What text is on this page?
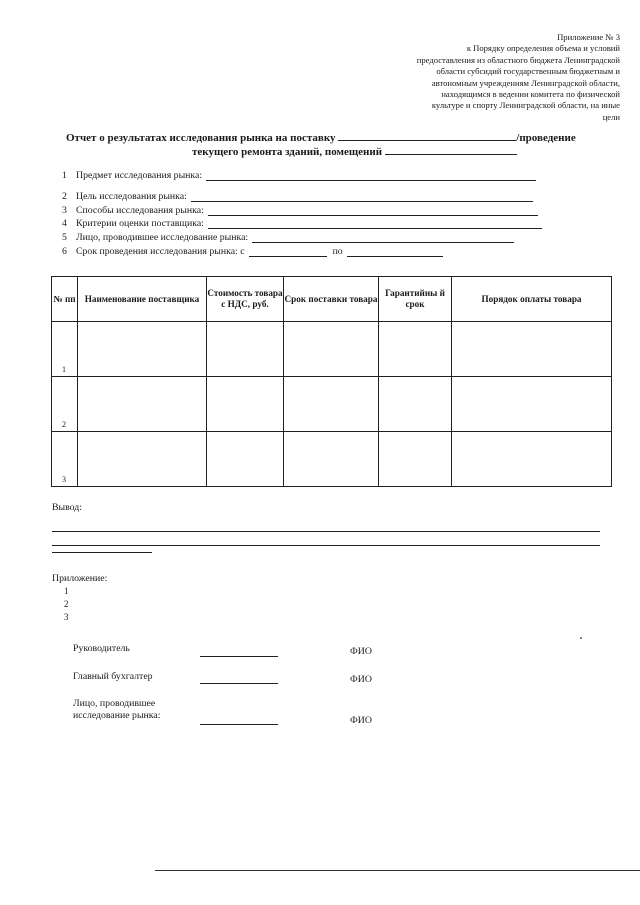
Приложение № 3
к Порядку определения объема и условий
предоставления из областного бюджета Ленинградской
области субсидий государственным бюджетным и
автономным учреждениям Ленинградской области,
находящимся в ведении комитета по физической
культуре и спорту Ленинградской области, на иные
цели
Отчет о результатах исследования рынка на поставку	/проведение
текущего ремонта зданий, помещений
1 Предмет исследования рынка:
2 Цель исследования рынка:
3 Способы исследования рынка:
4 Критерии оценки поставщика:
5 Лицо, проводившее исследование рынка:
6 Срок проведения исследования рынка: с	по
№ пп	Наименование поставщика	Стоимость товара с НДС, руб.	Срок поставки товара	Гарантийны й срок	Порядок оплаты товара
1					
2					
3					
Вывод:
Приложение:
1
2
3
Руководитель	ФИО
Главный бухгалтер	ФИО
Лицо, проводившее
исследование рынка:	ФИО
